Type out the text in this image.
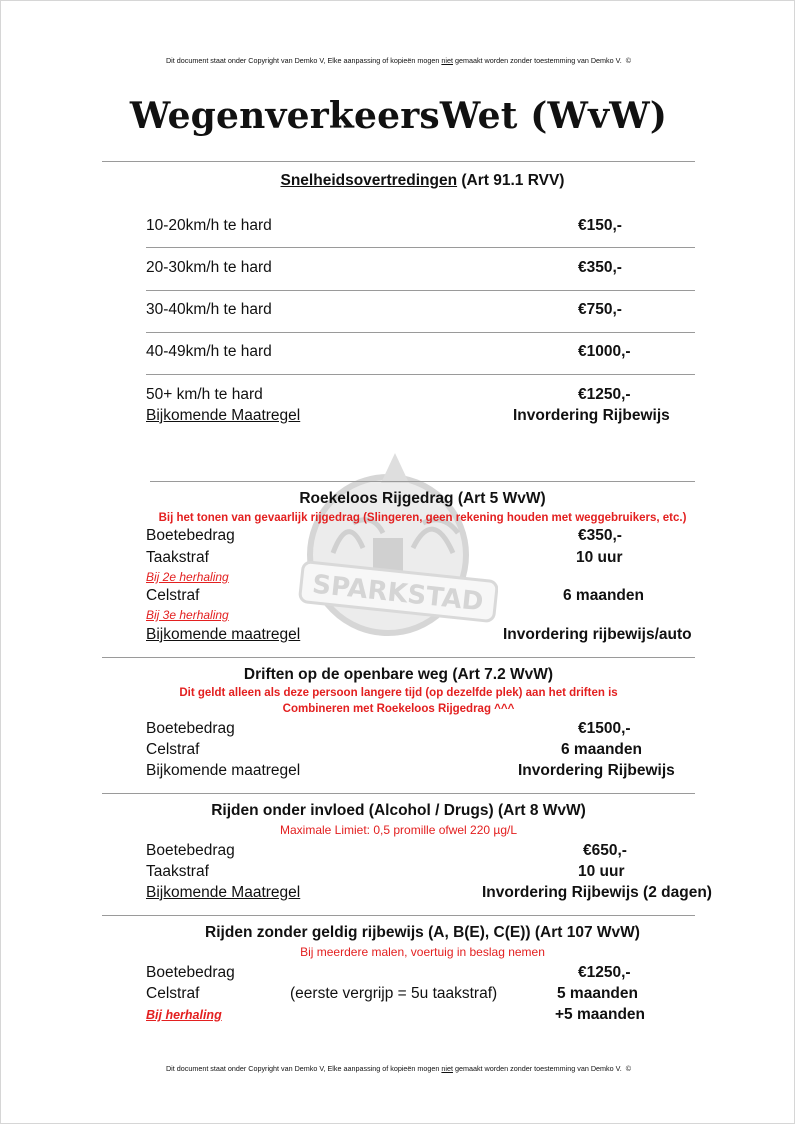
Dit document staat onder Copyright van Demko V, Elke aanpassing of kopieën mogen niet gemaakt worden zonder toestemming van Demko V. ©
WegenverkeersWet (WvW)
Snelheidsovertredingen (Art 91.1 RVV)
10-20km/h te hard	€150,-
20-30km/h te hard	€350,-
30-40km/h te hard	€750,-
40-49km/h te hard	€1000,-
50+ km/h te hard	€1250,-
Bijkomende Maatregel	Invordering Rijbewijs
SPARKSTAD
Roekeloos Rijgedrag (Art 5 WvW)
Bij het tonen van gevaarlijk rijgedrag (Slingeren, geen rekening houden met weggebruikers, etc.)
Boetebedrag	€350,-
Taakstraf	10 uur
Bij 2e herhaling
Celstraf	6 maanden
Bij 3e herhaling
Bijkomende maatregel	Invordering rijbewijs/auto
Driften op de openbare weg (Art 7.2 WvW)
Dit geldt alleen als deze persoon langere tijd (op dezelfde plek) aan het driften is
Combineren met Roekeloos Rijgedrag ^^^
Boetebedrag	€1500,-
Celstraf	6 maanden
Bijkomende maatregel	Invordering Rijbewijs
Rijden onder invloed (Alcohol / Drugs) (Art 8 WvW)
Maximale Limiet: 0,5 promille ofwel 220 µg/L
Boetebedrag	€650,-
Taakstraf	10 uur
Bijkomende Maatregel	Invordering Rijbewijs (2 dagen)
Rijden zonder geldig rijbewijs (A, B(E), C(E)) (Art 107 WvW)
Bij meerdere malen, voertuig in beslag nemen
Boetebedrag	€1250,-
Celstraf	(eerste vergrijp = 5u taakstraf)	5 maanden
Bij herhaling	+5 maanden
Dit document staat onder Copyright van Demko V, Elke aanpassing of kopieën mogen niet gemaakt worden zonder toestemming van Demko V. ©
